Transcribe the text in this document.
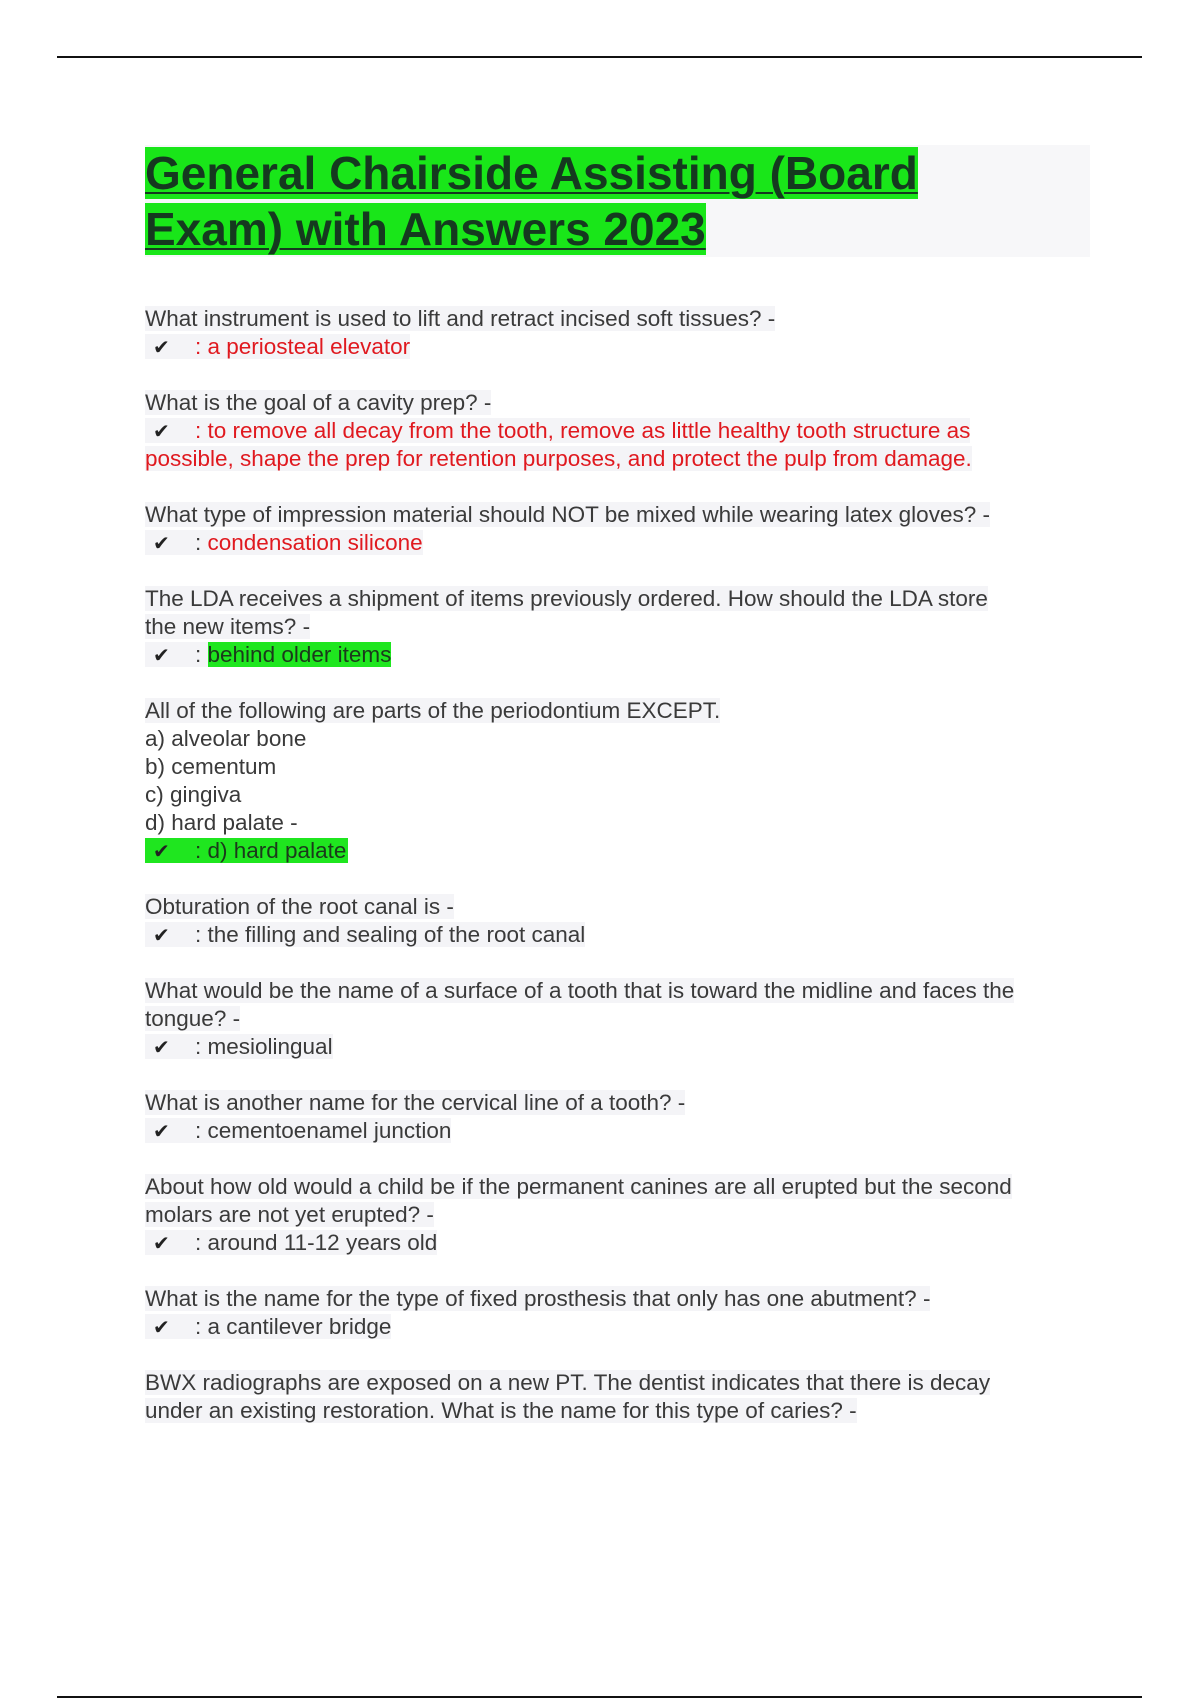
General Chairside Assisting (Board
Exam) with Answers 2023
What instrument is used to lift and retract incised soft tissues? -
✔ : a periosteal elevator
What is the goal of a cavity prep? -
✔ : to remove all decay from the tooth, remove as little healthy tooth structure as
possible, shape the prep for retention purposes, and protect the pulp from damage.
What type of impression material should NOT be mixed while wearing latex gloves? -
✔ : condensation silicone
The LDA receives a shipment of items previously ordered. How should the LDA store
the new items? -
✔ : behind older items
All of the following are parts of the periodontium EXCEPT.
a) alveolar bone
b) cementum
c) gingiva
d) hard palate -
✔ : d) hard palate
Obturation of the root canal is -
✔ : the filling and sealing of the root canal
What would be the name of a surface of a tooth that is toward the midline and faces the
tongue? -
✔ : mesiolingual
What is another name for the cervical line of a tooth? -
✔ : cementoenamel junction
About how old would a child be if the permanent canines are all erupted but the second
molars are not yet erupted? -
✔ : around 11-12 years old
What is the name for the type of fixed prosthesis that only has one abutment? -
✔ : a cantilever bridge
BWX radiographs are exposed on a new PT. The dentist indicates that there is decay
under an existing restoration. What is the name for this type of caries? -
